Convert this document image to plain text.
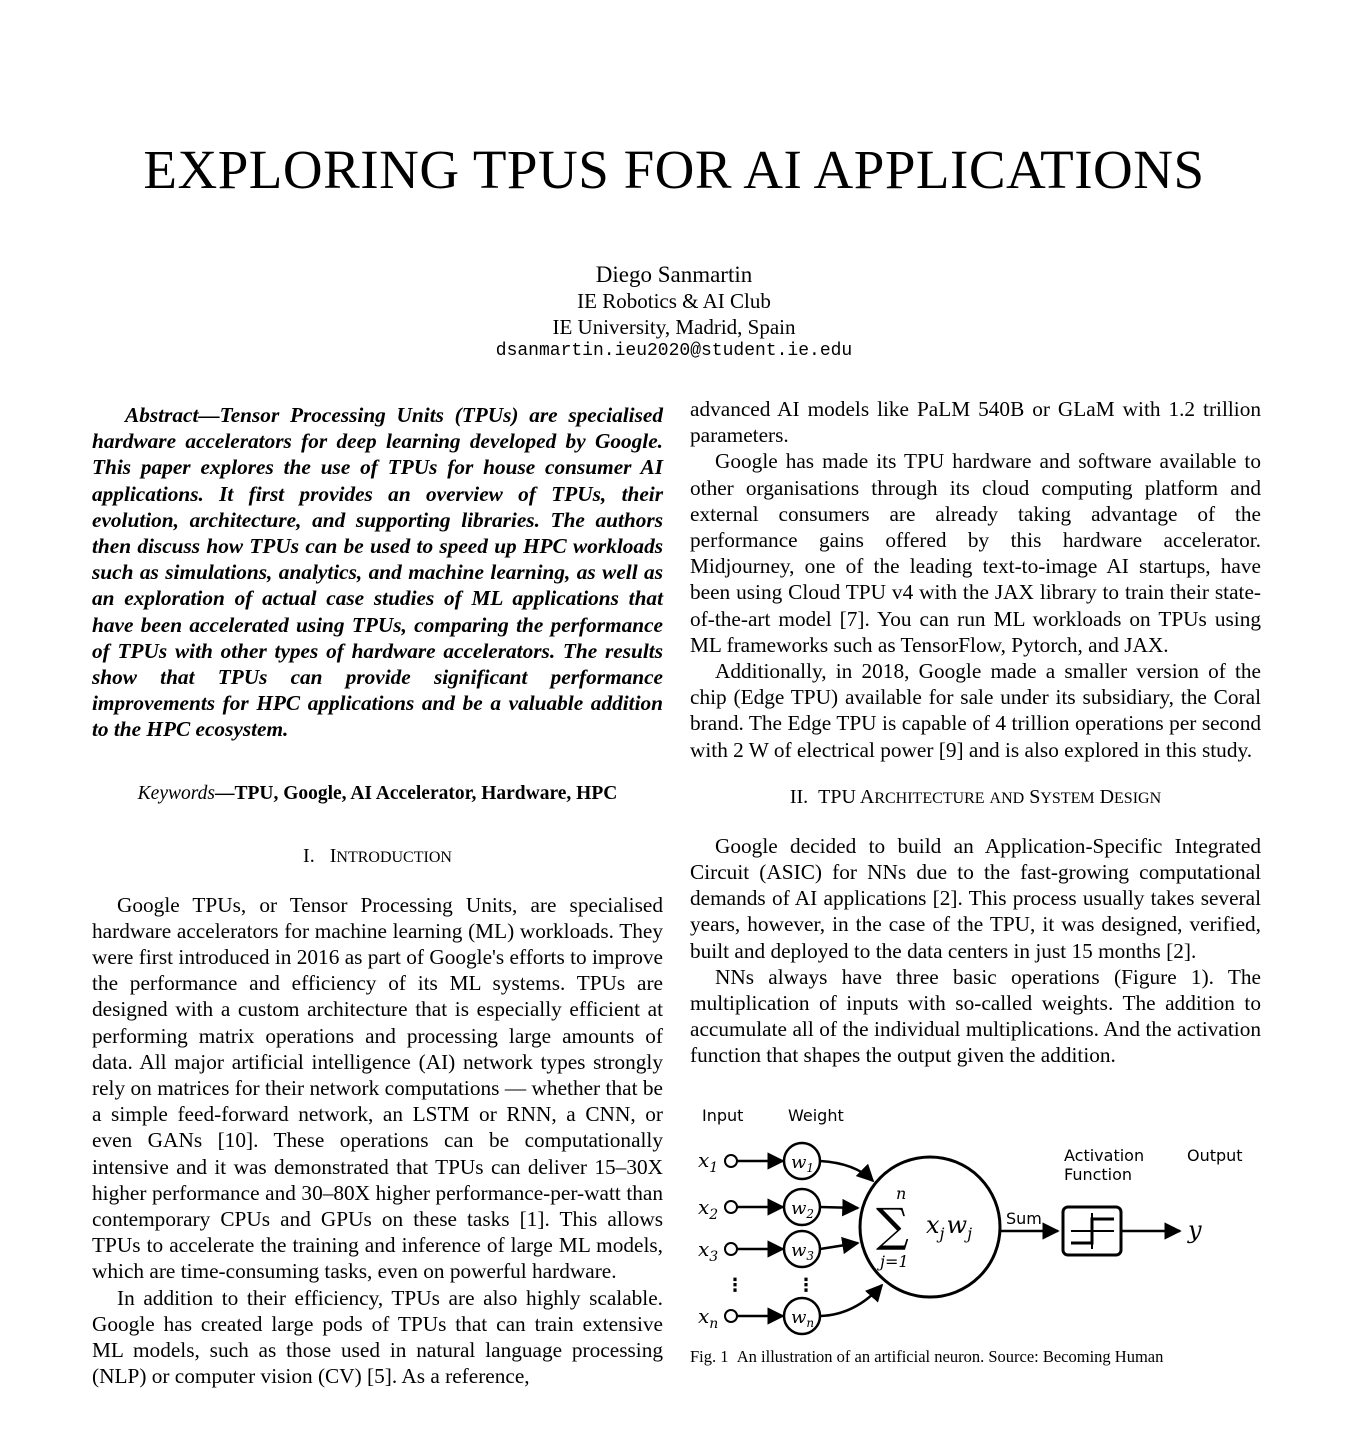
EXPLORING TPUS FOR AI APPLICATIONS
Diego Sanmartin
IE Robotics & AI Club
IE University, Madrid, Spain
dsanmartin.ieu2020@student.ie.edu

Abstract—Tensor Processing Units (TPUs) are specialised hardware accelerators for deep learning developed by Google. This paper explores the use of TPUs for house consumer AI applications. It first provides an overview of TPUs, their evolution, architecture, and supporting libraries. The authors then discuss how TPUs can be used to speed up HPC workloads such as simulations, analytics, and machine learning, as well as an exploration of actual case studies of ML applications that have been accelerated using TPUs, comparing the performance of TPUs with other types of hardware accelerators. The results show that TPUs can provide significant performance improvements for HPC applications and be a valuable addition to the HPC ecosystem.

Keywords—TPU, Google, AI Accelerator, Hardware, HPC
I. INTRODUCTION

Google TPUs, or Tensor Processing Units, are specialised hardware accelerators for machine learning (ML) workloads. They were first introduced in 2016 as part of Google's efforts to improve the performance and efficiency of its ML systems. TPUs are designed with a custom architecture that is especially efficient at performing matrix operations and processing large amounts of data. All major artificial intelligence (AI) network types strongly rely on matrices for their network computations — whether that be a simple feed-forward network, an LSTM or RNN, a CNN, or even GANs [10]. These operations can be computationally intensive and it was demonstrated that TPUs can deliver 15–30X higher performance and 30–80X higher performance-per-watt than contemporary CPUs and GPUs on these tasks [1]. This allows TPUs to accelerate the training and inference of large ML models, which are time-consuming tasks, even on powerful hardware.

In addition to their efficiency, TPUs are also highly scalable. Google has created large pods of TPUs that can train extensive ML models, such as those used in natural language processing (NLP) or computer vision (CV) [5]. As a reference,

advanced AI models like PaLM 540B or GLaM with 1.2 trillion parameters.

Google has made its TPU hardware and software available to other organisations through its cloud computing platform and external consumers are already taking advantage of the performance gains offered by this hardware accelerator. Midjourney, one of the leading text-to-image AI startups, have been using Cloud TPU v4 with the JAX library to train their state-of-the-art model [7]. You can run ML workloads on TPUs using ML frameworks such as TensorFlow, Pytorch, and JAX.

Additionally, in 2018, Google made a smaller version of the chip (Edge TPU) available for sale under its subsidiary, the Coral brand. The Edge TPU is capable of 4 trillion operations per second with 2 W of electrical power [9] and is also explored in this study.

II. TPU ARCHITECTURE AND SYSTEM DESIGN

Google decided to build an Application-Specific Integrated Circuit (ASIC) for NNs due to the fast-growing computational demands of AI applications [2]. This process usually takes several years, however, in the case of the TPU, it was designed, verified, built and deployed to the data centers in just 15 months [2].

NNs always have three basic operations (Figure 1). The multiplication of inputs with so-called weights. The addition to accumulate all of the individual multiplications. And the activation function that shapes the output given the addition.

Input	Weight
Activation
Function
Output
$x_1$	$w_1$
$x_2$	$w_2$
$x_3$	$w_3$
⋮	⋮
$x_n$	$w_n$
n
∑
j=1
$x_jw_j$
Sum	y
Fig. 1 An illustration of an artificial neuron. Source: Becoming Human
